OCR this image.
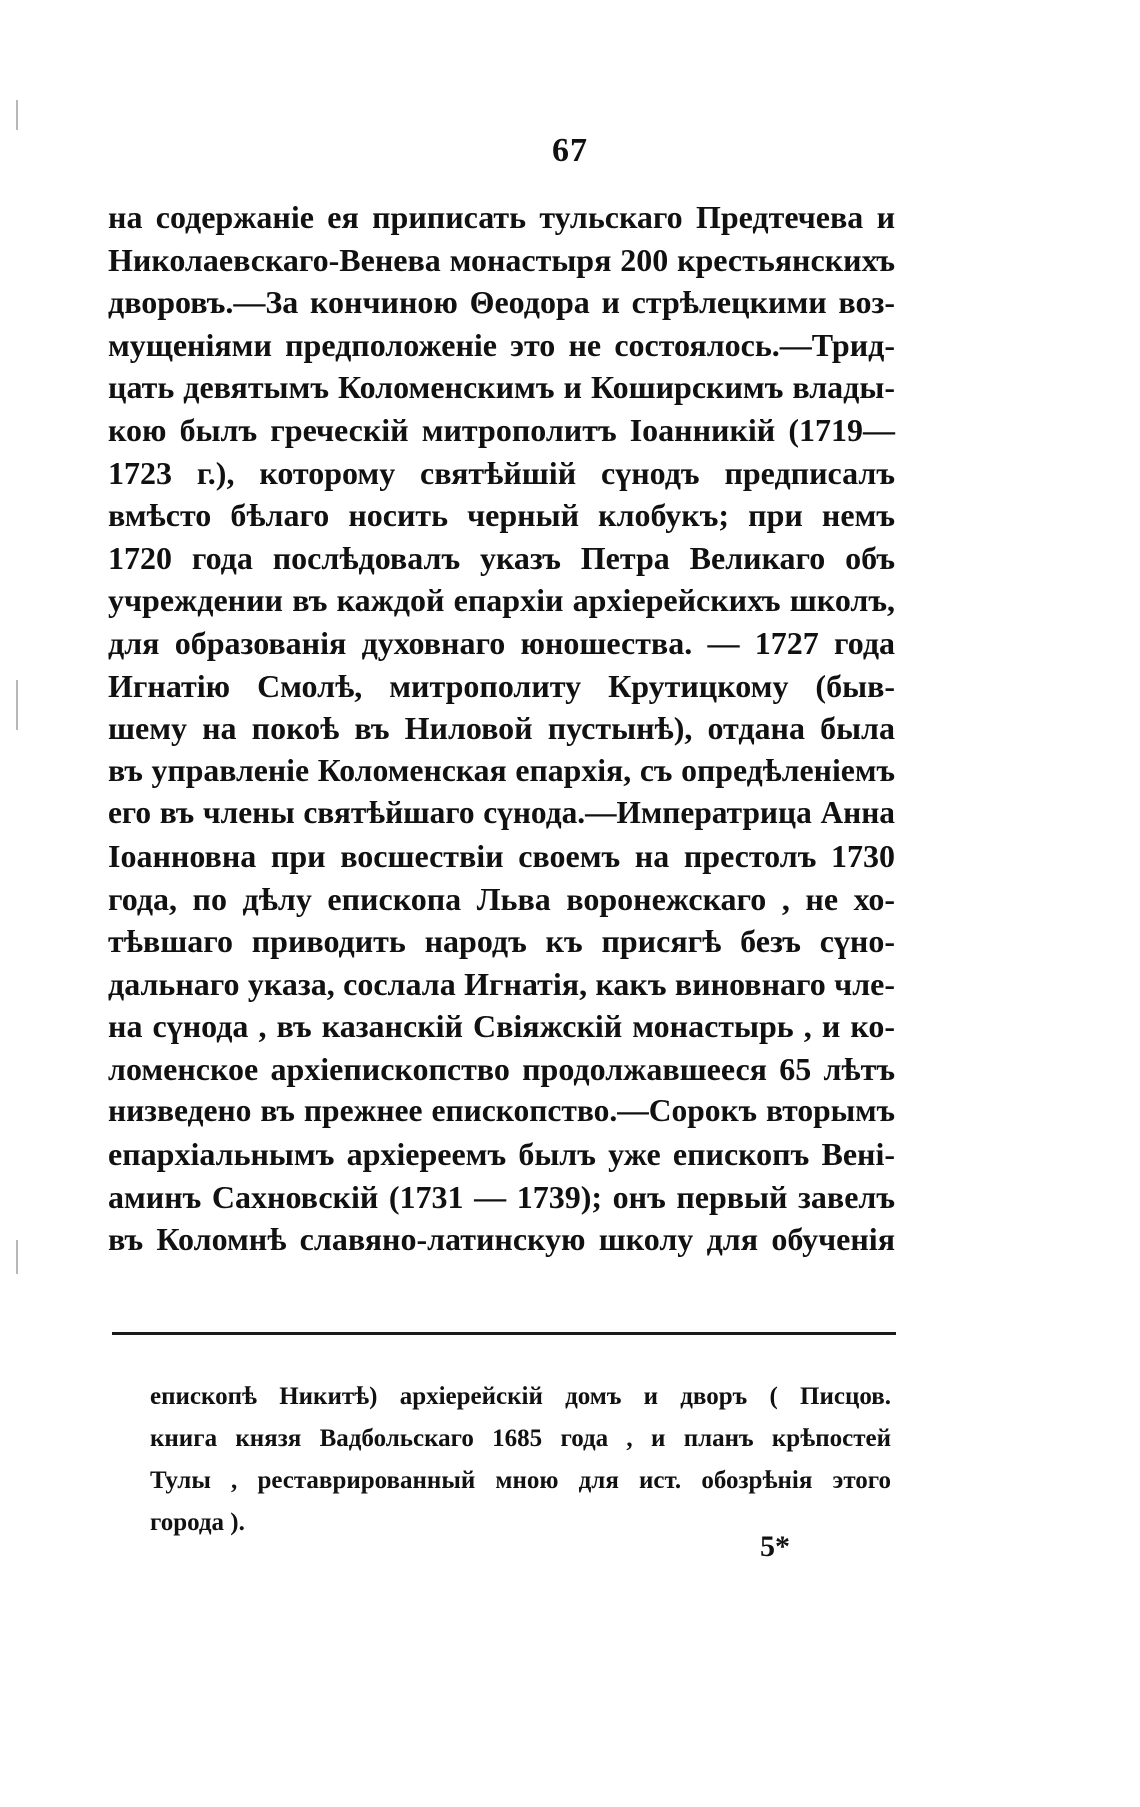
67
на содержаніе ея приписать тульскаго Предтечева и
Николаевскаго-Венева монастыря 200 крестьянскихъ
дворовъ.—За кончиною Θеодора и стрѣлецкими воз-
мущеніями предположеніе это не состоялось.—Трид-
цать девятымъ Коломенскимъ и Коширскимъ влады-
кою былъ греческій митрополитъ Іоанникій (1719—
1723 г.), которому святѣйшій сүнодъ предписалъ
вмѣсто бѣлаго носить черный клобукъ; при немъ
1720 года послѣдовалъ указъ Петра Великаго объ
учреждении въ каждой епархіи архіерейскихъ школъ,
для образованія духовнаго юношества. — 1727 года
Игнатію Смолѣ, митрополиту Крутицкому (быв-
шему на покоѣ въ Ниловой пустынѣ), отдана была
въ управленіе Коломенская епархія, съ опредѣленіемъ
его въ члены святѣйшаго сүнода.—Императрица Анна
Іоанновна при восшествіи своемъ на престолъ 1730
года, по дѣлу епископа Льва воронежскаго , не хо-
тѣвшаго приводить народъ къ присягѣ безъ сүно-
дальнаго указа, сослала Игнатія, какъ виновнаго чле-
на сүнода , въ казанскій Свіяжскій монастырь , и ко-
ломенское архіепископство продолжавшееся 65 лѣтъ
низведено въ прежнее епископство.—Сорокъ вторымъ
епархіальнымъ архіереемъ былъ уже епископъ Вені-
аминъ Сахновскій (1731 — 1739); онъ первый завелъ
въ Коломнѣ славяно-латинскую школу для обученія
епископѣ Никитѣ) архіерейскій домъ и дворъ ( Писцов.
книга князя Вадбольскаго 1685 года , и планъ крѣпостей
Тулы , реставрированный мною для ист. обозрѣнія этого
города ).
5*
